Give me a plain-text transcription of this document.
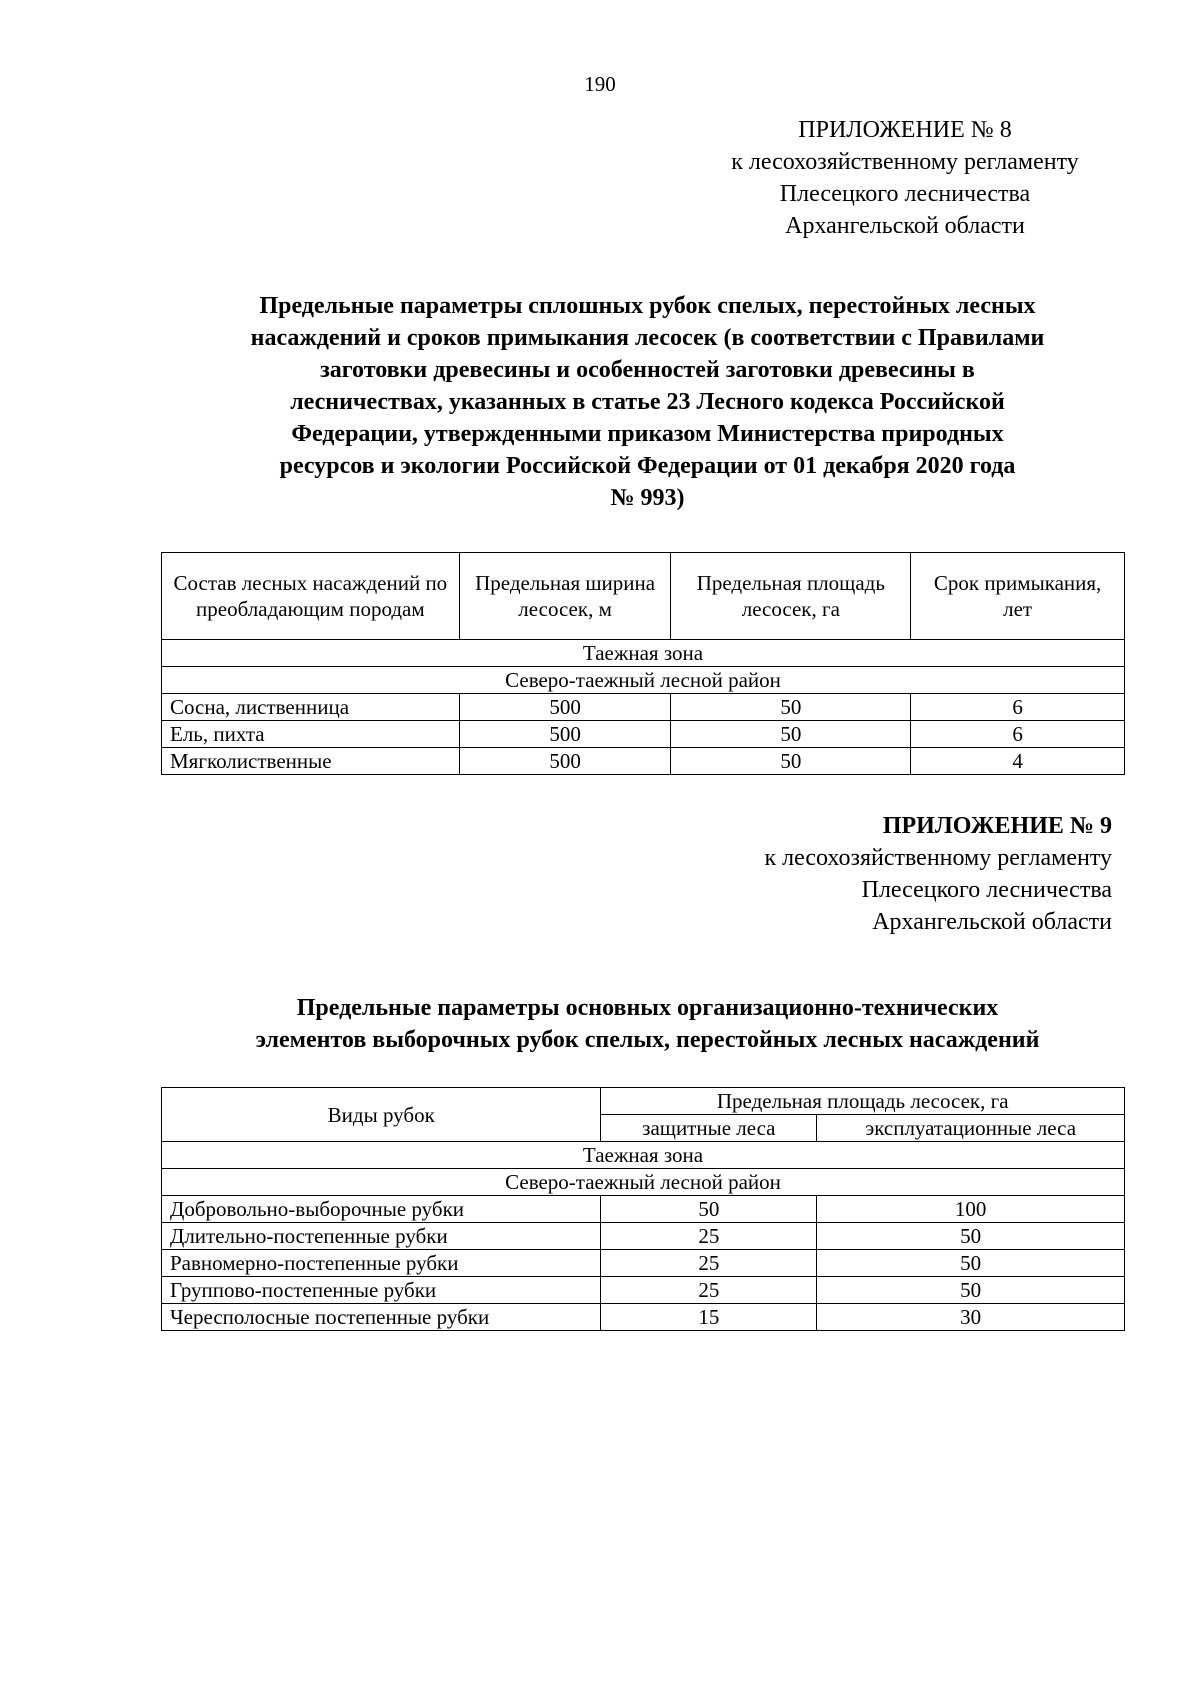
190
ПРИЛОЖЕНИЕ № 8
к лесохозяйственному регламенту
Плесецкого лесничества
Архангельской области
Предельные параметры сплошных рубок спелых, перестойных лесных
насаждений и сроков примыкания лесосек (в соответствии с Правилами
заготовки древесины и особенностей заготовки древесины в
лесничествах, указанных в статье 23 Лесного кодекса Российской
Федерации, утвержденными приказом Министерства природных
ресурсов и экологии Российской Федерации от 01 декабря 2020 года
№ 993)
Состав лесных насаждений по преобладающим породам	Предельная ширина лесосек, м	Предельная площадь лесосек, га	Срок примыкания, лет
Таежная зона			
Северо-таежный лесной район			
Сосна, лиственница	500	50	6
Ель, пихта	500	50	6
Мягколиственные	500	50	4
ПРИЛОЖЕНИЕ № 9
к лесохозяйственному регламенту
Плесецкого лесничества
Архангельской области
Предельные параметры основных организационно-технических
элементов выборочных рубок спелых, перестойных лесных насаждений
Виды рубок	Предельная площадь лесосек, га	
	защитные леса	эксплуатационные леса
Таежная зона		
Северо-таежный лесной район		
Добровольно-выборочные рубки	50	100
Длительно-постепенные рубки	25	50
Равномерно-постепенные рубки	25	50
Группово-постепенные рубки	25	50
Чересполосные постепенные рубки	15	30
